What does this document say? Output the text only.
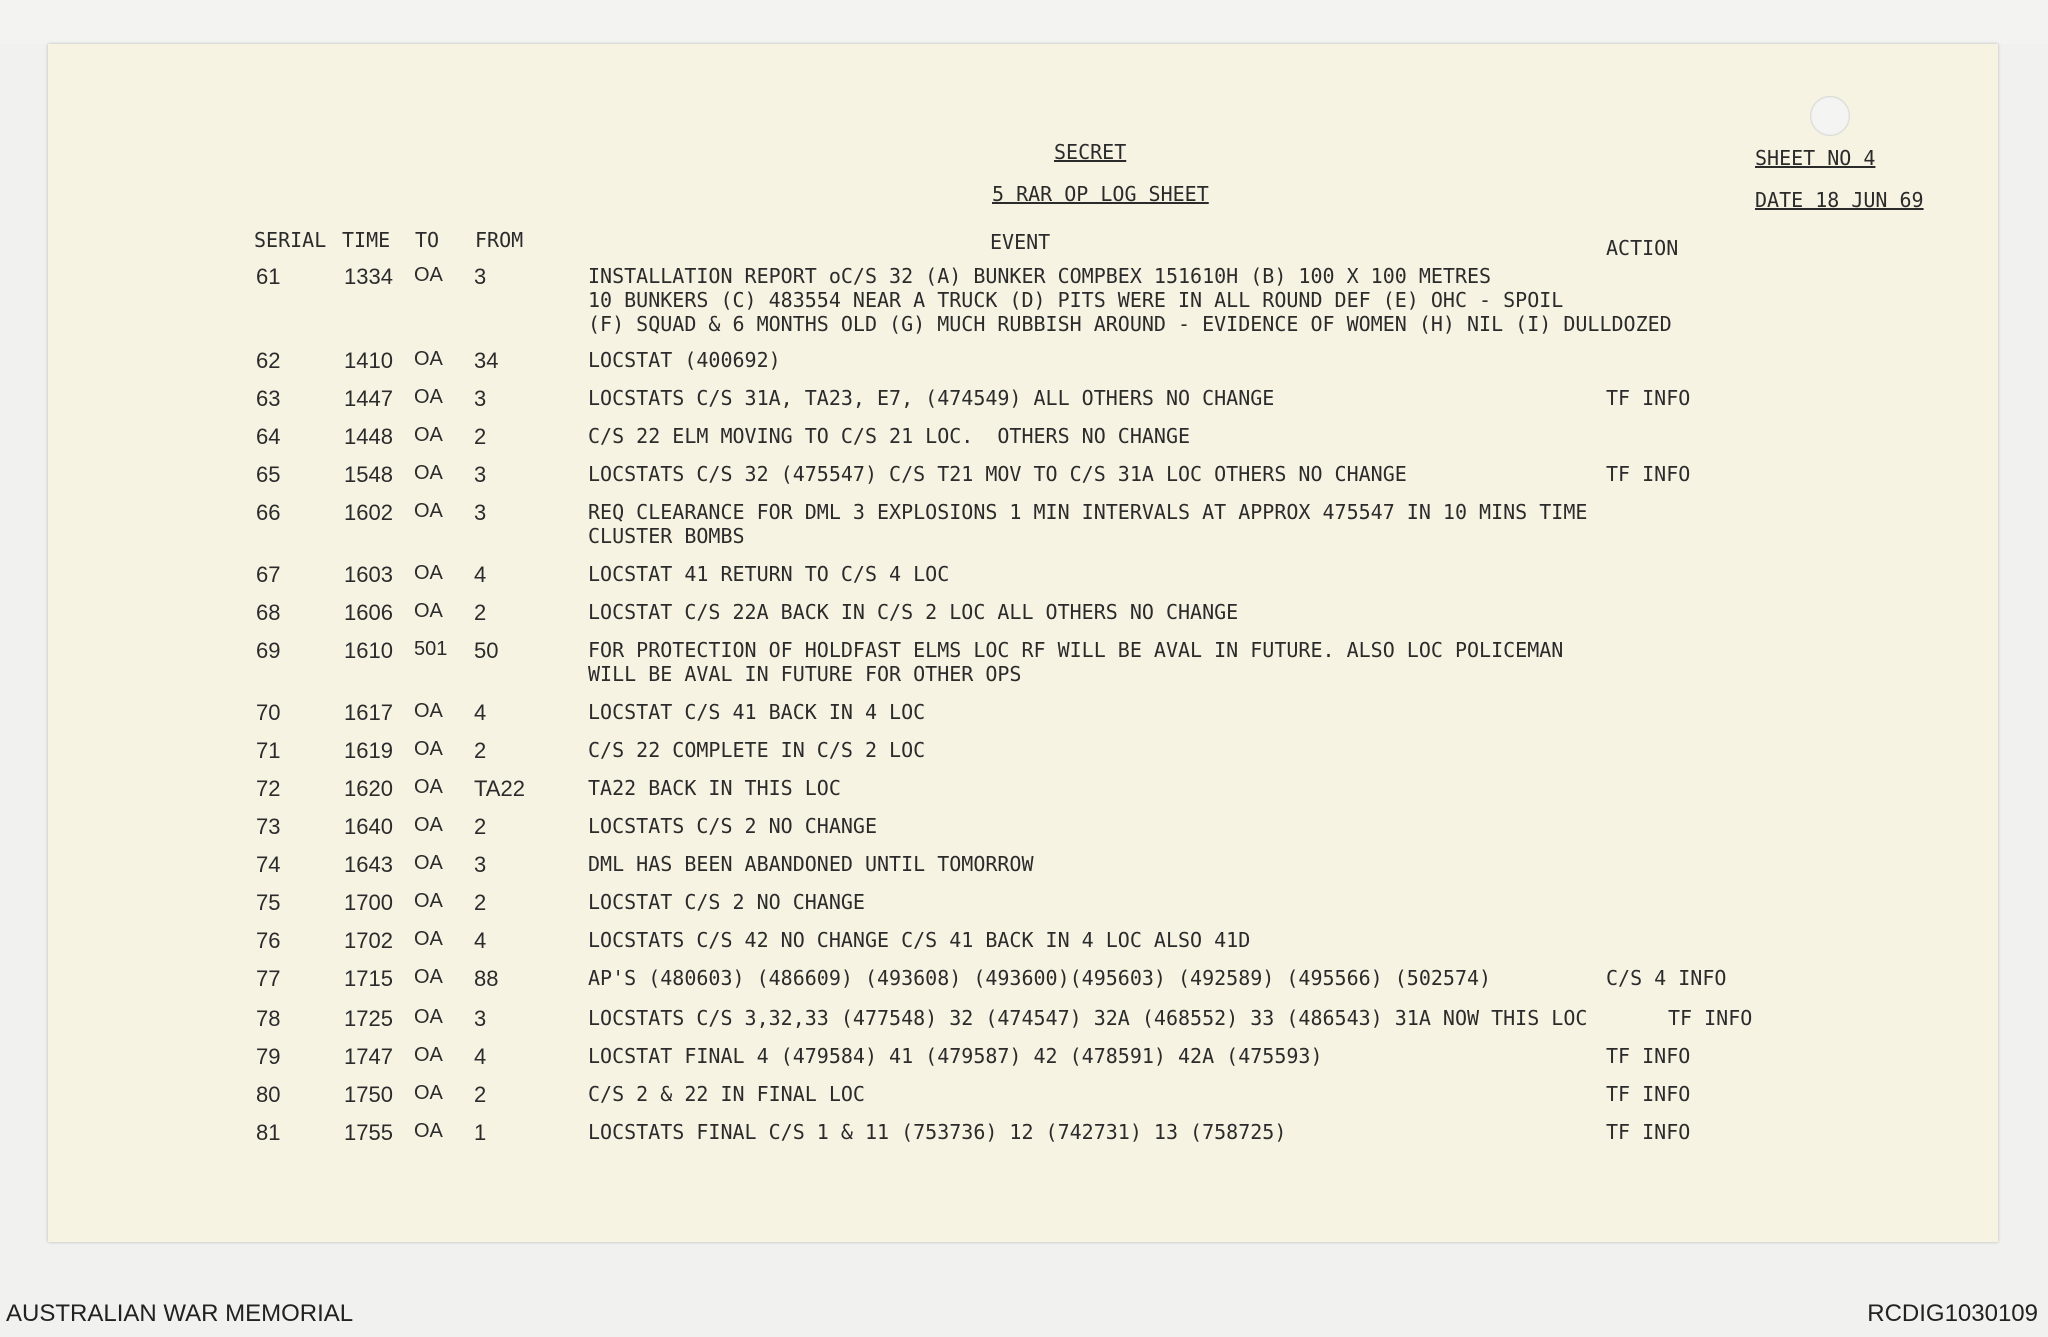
SECRET
5 RAR OP LOG SHEET
SHEET NO 4
DATE 18 JUN 69
SERIAL TIME TO FROM	EVENT	ACTION
61	1334 OA 3	INSTALLATION REPORT oC/S 32 (A) BUNKER COMPBEX 151610H (B) 100 X 100 METRES
10 BUNKERS (C) 483554 NEAR A TRUCK (D) PITS WERE IN ALL ROUND DEF (E) OHC - SPOIL
(F) SQUAD & 6 MONTHS OLD (G) MUCH RUBBISH AROUND - EVIDENCE OF WOMEN (H) NIL (I) DULLDOZED
62	1410 OA 34	LOCSTAT (400692)
63	1447 OA 3	LOCSTATS C/S 31A, TA23, E7, (474549) ALL OTHERS NO CHANGE	TF INFO
64	1448 OA 2	C/S 22 ELM MOVING TO C/S 21 LOC.  OTHERS NO CHANGE
65	1548 OA 3	LOCSTATS C/S 32 (475547) C/S T21 MOV TO C/S 31A LOC OTHERS NO CHANGE	TF INFO
66	1602 OA 3	REQ CLEARANCE FOR DML 3 EXPLOSIONS 1 MIN INTERVALS AT APPROX 475547 IN 10 MINS TIME
CLUSTER BOMBS
67	1603 OA 4	LOCSTAT 41 RETURN TO C/S 4 LOC
68	1606 OA 2	LOCSTAT C/S 22A BACK IN C/S 2 LOC ALL OTHERS NO CHANGE
69	1610 501 50	FOR PROTECTION OF HOLDFAST ELMS LOC RF WILL BE AVAL IN FUTURE. ALSO LOC POLICEMAN
WILL BE AVAL IN FUTURE FOR OTHER OPS
70	1617 OA 4	LOCSTAT C/S 41 BACK IN 4 LOC
71	1619 OA 2	C/S 22 COMPLETE IN C/S 2 LOC
72	1620 OA TA22	TA22 BACK IN THIS LOC
73	1640 OA 2	LOCSTATS C/S 2 NO CHANGE
74	1643 OA 3	DML HAS BEEN ABANDONED UNTIL TOMORROW
75	1700 OA 2	LOCSTAT C/S 2 NO CHANGE
76	1702 OA 4	LOCSTATS C/S 42 NO CHANGE C/S 41 BACK IN 4 LOC ALSO 41D
77	1715 OA 88	AP'S (480603) (486609) (493608) (493600)(495603) (492589) (495566) (502574)	C/S 4 INFO
78	1725 OA 3	LOCSTATS C/S 3,32,33 (477548) 32 (474547) 32A (468552) 33 (486543) 31A NOW THIS LOC	TF INFO
79	1747 OA 4	LOCSTAT FINAL 4 (479584) 41 (479587) 42 (478591) 42A (475593)	TF INFO
80	1750 OA 2	C/S 2 & 22 IN FINAL LOC	TF INFO
81	1755 OA 1	LOCSTATS FINAL C/S 1 & 11 (753736) 12 (742731) 13 (758725)	TF INFO
AUSTRALIAN WAR MEMORIAL	RCDIG1030109
